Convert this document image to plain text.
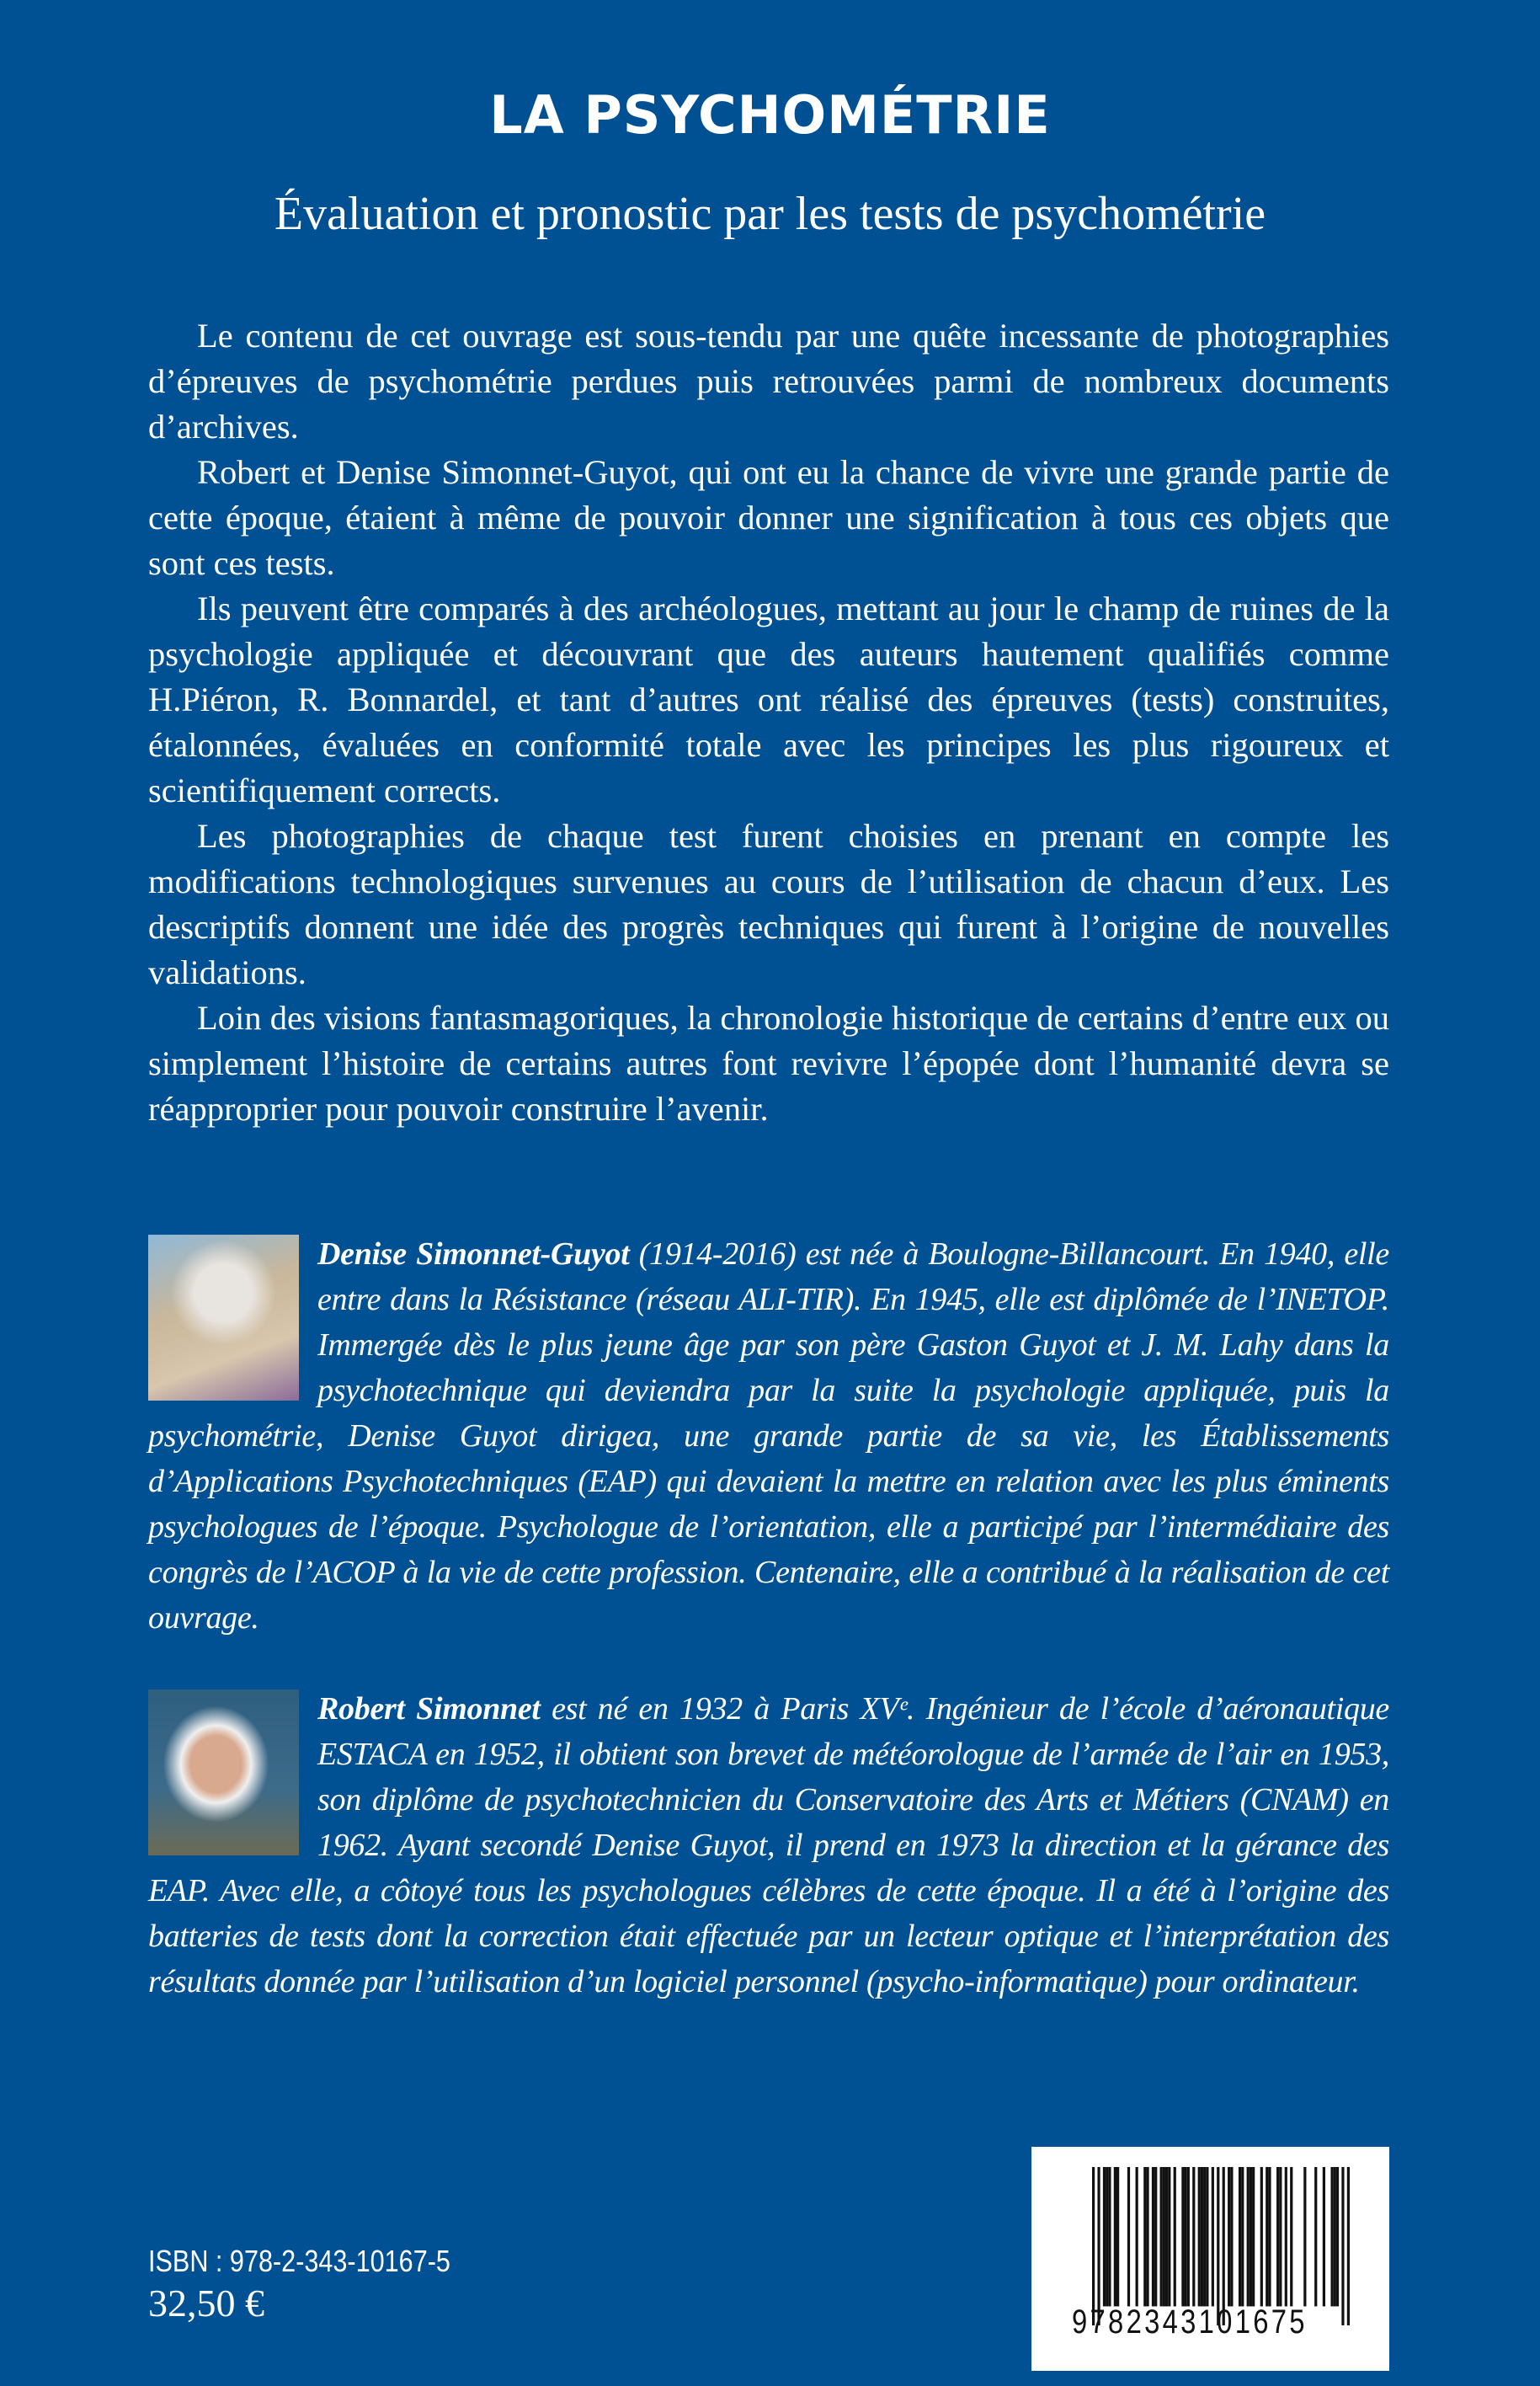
LA PSYCHOMÉTRIE
Évaluation et pronostic par les tests de psychométrie

Le contenu de cet ouvrage est sous-tendu par une quête incessante de photographies d’épreuves de psychométrie perdues puis retrouvées parmi de nombreux documents d’archives.

Robert et Denise Simonnet-Guyot, qui ont eu la chance de vivre une grande partie de cette époque, étaient à même de pouvoir donner une signification à tous ces objets que sont ces tests.

Ils peuvent être comparés à des archéologues, mettant au jour le champ de ruines de la psychologie appliquée et découvrant que des auteurs hautement qualifiés comme H.Piéron, R. Bonnardel, et tant d’autres ont réalisé des épreuves (tests) construites, étalonnées, évaluées en conformité totale avec les principes les plus rigoureux et scientifiquement corrects.

Les photographies de chaque test furent choisies en prenant en compte les modifications technologiques survenues au cours de l’utilisation de chacun d’eux. Les descriptifs donnent une idée des progrès techniques qui furent à l’origine de nouvelles validations.

Loin des visions fantasmagoriques, la chronologie historique de certains d’entre eux ou simplement l’histoire de certains autres font revivre l’épopée dont l’humanité devra se réapproprier pour pouvoir construire l’avenir.

Denise Simonnet-Guyot (1914-2016) est née à Boulogne-Billancourt. En 1940, elle entre dans la Résistance (réseau ALI-TIR). En 1945, elle est diplômée de l’INETOP. Immergée dès le plus jeune âge par son père Gaston Guyot et J. M. Lahy dans la psychotechnique qui deviendra par la suite la psychologie appliquée, puis la psychométrie, Denise Guyot dirigea, une grande partie de sa vie, les Établissements d’Applications Psychotechniques (EAP) qui devaient la mettre en relation avec les plus éminents psychologues de l’époque. Psychologue de l’orientation, elle a participé par l’intermédiaire des congrès de l’ACOP à la vie de cette profession. Centenaire, elle a contribué à la réalisation de cet ouvrage.
Robert Simonnet est né en 1932 à Paris XVᵉ. Ingénieur de l’école d’aéronautique ESTACA en 1952, il obtient son brevet de météorologue de l’armée de l’air en 1953, son diplôme de psychotechnicien du Conservatoire des Arts et Métiers (CNAM) en 1962. Ayant secondé Denise Guyot, il prend en 1973 la direction et la gérance des EAP. Avec elle, a côtoyé tous les psychologues célèbres de cette époque. Il a été à l’origine des batteries de tests dont la correction était effectuée par un lecteur optique et l’interprétation des résultats donnée par l’utilisation d’un logiciel personnel (psycho-informatique) pour ordinateur.
ISBN : 978-2-343-10167-5
32,50 €	9782343101675
